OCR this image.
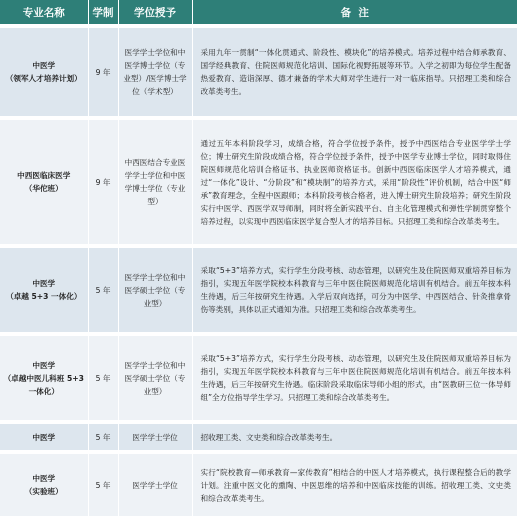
专业名称	学制	学位授予	备  注

中医学
（领军人才培养计划）	9 年	医学学士学位和中医学博士学位（专业型）/医学博士学位（学术型）	采用九年一贯制“一体化贯通式、阶段性、模块化”的培养模式。培养过程中结合师承教育、国学经典教育、住院医师规范化培训、国际化视野拓展等环节。入学之初即为每位学生配备热爱教育、造诣深厚、德才兼备的学术大师对学生进行一对一临床指导。只招理工类和综合改革类考生。

中西医临床医学
（华佗班）	9 年	中西医结合专业医学学士学位和中医学博士学位（专业型）	通过五年本科阶段学习，成绩合格，符合学位授予条件，授予中西医结合专业医学学士学位；博士研究生阶段成绩合格，符合学位授予条件，授予中医学专业博士学位，同时取得住院医师规范化培训合格证书、执业医师资格证书。创新中西医临床医学人才培养模式，通过“一体化”设计、“分阶段”和“模块制”的培养方式，采用“阶段性”评价机制，结合中医“师承”教育理念，全程中医跟师；本科阶段考核合格者，进入博士研究生阶段培养；研究生阶段实行中医学、西医学双导师制，同时将全新实践平台、自主化管理模式和弹性学制贯穿整个培养过程，以实现中西医临床医学复合型人才的培养目标。只招理工类和综合改革类考生。

中医学
（卓越 5+3 一体化）	5 年	医学学士学位和中医学硕士学位（专业型）	采取“5+3”培养方式，实行学生分段考核、动态管理，以研究生及住院医师双重培养目标为指引，实现五年医学院校本科教育与三年中医住院医师规范化培训有机结合。前五年按本科生待遇，后三年按研究生待遇。入学后双向选择，可分为中医学、中西医结合、针灸推拿骨伤等类别，具体以正式通知为准。只招理工类和综合改革类考生。

中医学
（卓越中医儿科班 5+3 一体化）	5 年	医学学士学位和中医学硕士学位（专业型）	采取“5+3”培养方式，实行学生分段考核、动态管理，以研究生及住院医师双重培养目标为指引，实现五年医学院校本科教育与三年中医住院医师规范化培训有机结合。前五年按本科生待遇，后三年按研究生待遇。临床阶段采取临床导师小组的形式，由“医教研三位一体导师组”全方位指导学生学习。只招理工类和综合改革类考生。

中医学	5 年	医学学士学位	招收理工类、文史类和综合改革类考生。

中医学
（实验班）	5 年	医学学士学位	实行“院校教育—师承教育—家传教育”相结合的中医人才培养模式，执行课程整合后的教学计划。注重中医文化的熏陶、中医思维的培养和中医临床技能的训练。招收理工类、文史类和综合改革类考生。
